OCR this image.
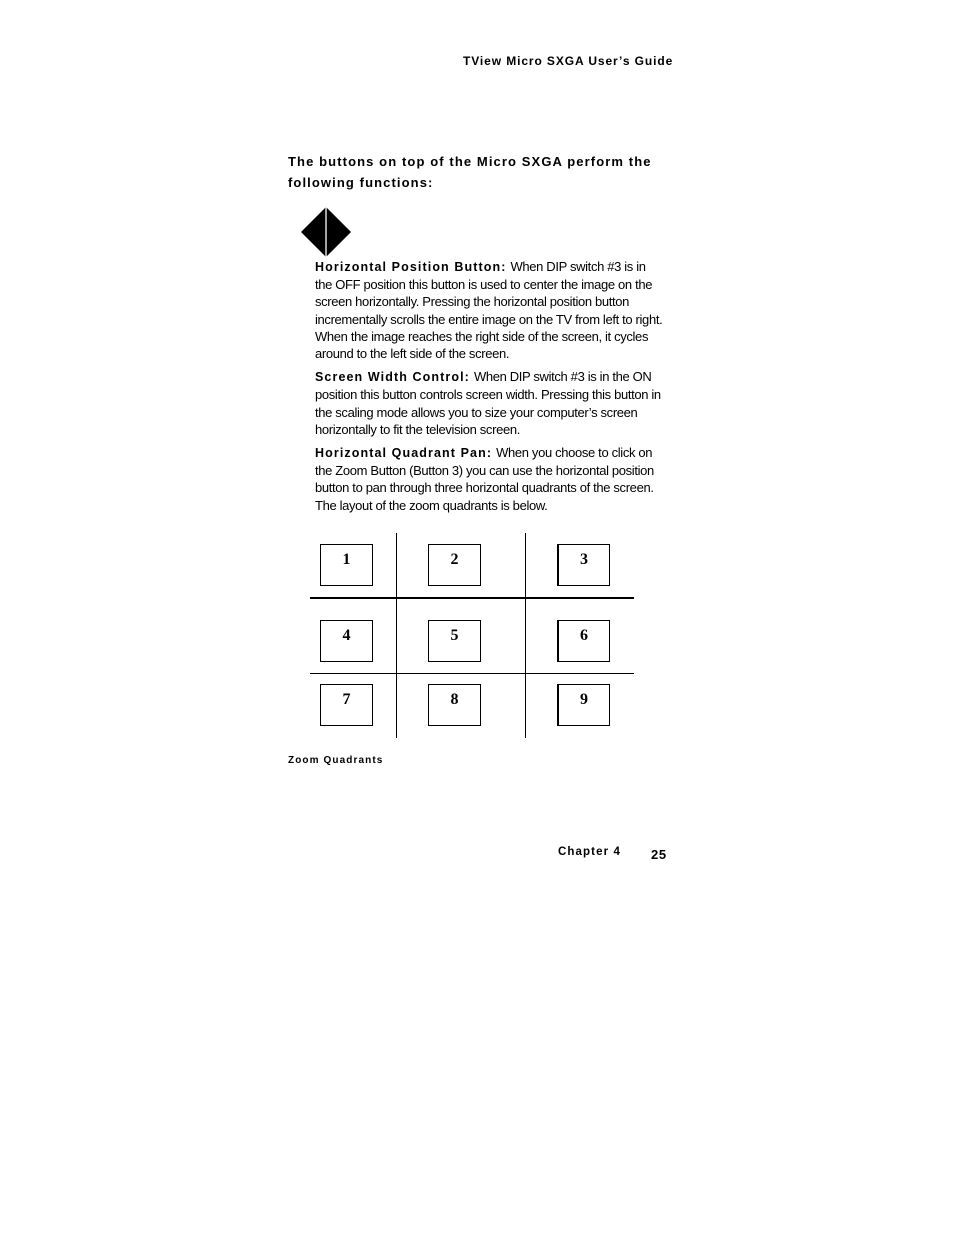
TView Micro SXGA User’s Guide
The buttons on top of the Micro SXGA perform the following functions:

Horizontal Position Button: When DIP switch #3 is in the OFF position this button is used to center the image on the screen horizontally. Pressing the horizontal position button incrementally scrolls the entire image on the TV from left to right. When the image reaches the right side of the screen, it cycles around to the left side of the screen.

Screen Width Control: When DIP switch #3 is in the ON position this button controls screen width. Pressing this button in the scaling mode allows you to size your computer’s screen horizontally to fit the television screen.

Horizontal Quadrant Pan: When you choose to click on the Zoom Button (Button 3) you can use the horizontal position button to pan through three horizontal quadrants of the screen. The layout of the zoom quadrants is below.

1	2	3
4	5	6
7	8	9
Zoom Quadrants
Chapter 4 25
